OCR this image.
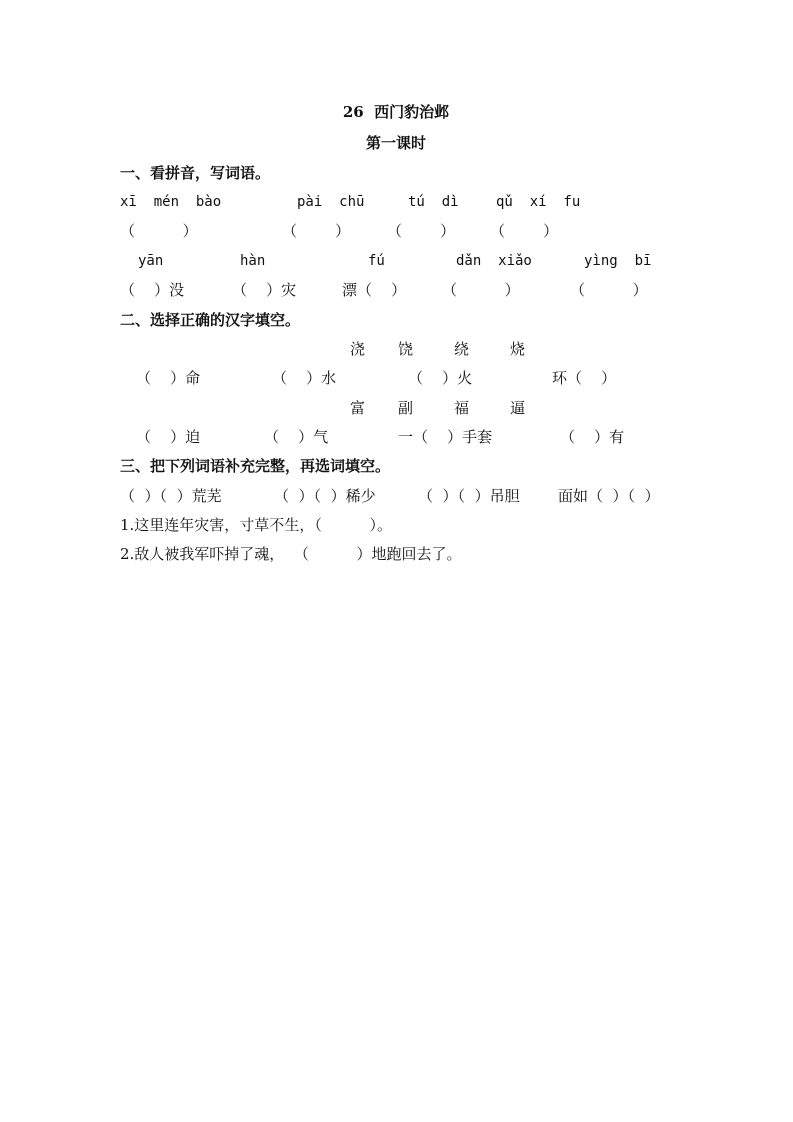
26  西门豹治邺
第一课时
一、看拼音，写词语。
xī  mén  bào	pài  chū	tú  dì	qǔ  xí  fu
（          ）	（        ） （        ） （        ）
yān	hàn	fú	dǎn  xiǎo	yìng  bī
（    ）没	（    ）灾	漂（    ） （          ）	（          ）
二、选择正确的汉字填空。
浇 饶	绕	烧
（    ）命	（    ）水	（    ）火	环（    ）
富 副	福	逼
（    ）迫	（    ）气	一（    ）手套	（    ）有
三、把下列词语补充完整，再选词填空。
（  ）（  ）荒芜	（  ）（  ）稀少	（  ）（  ）吊胆	面如（  ）（  ）
1.这里连年灾害，寸草不生，（          ）。
2.敌人被我军吓掉了魂，  （          ）地跑回去了。
